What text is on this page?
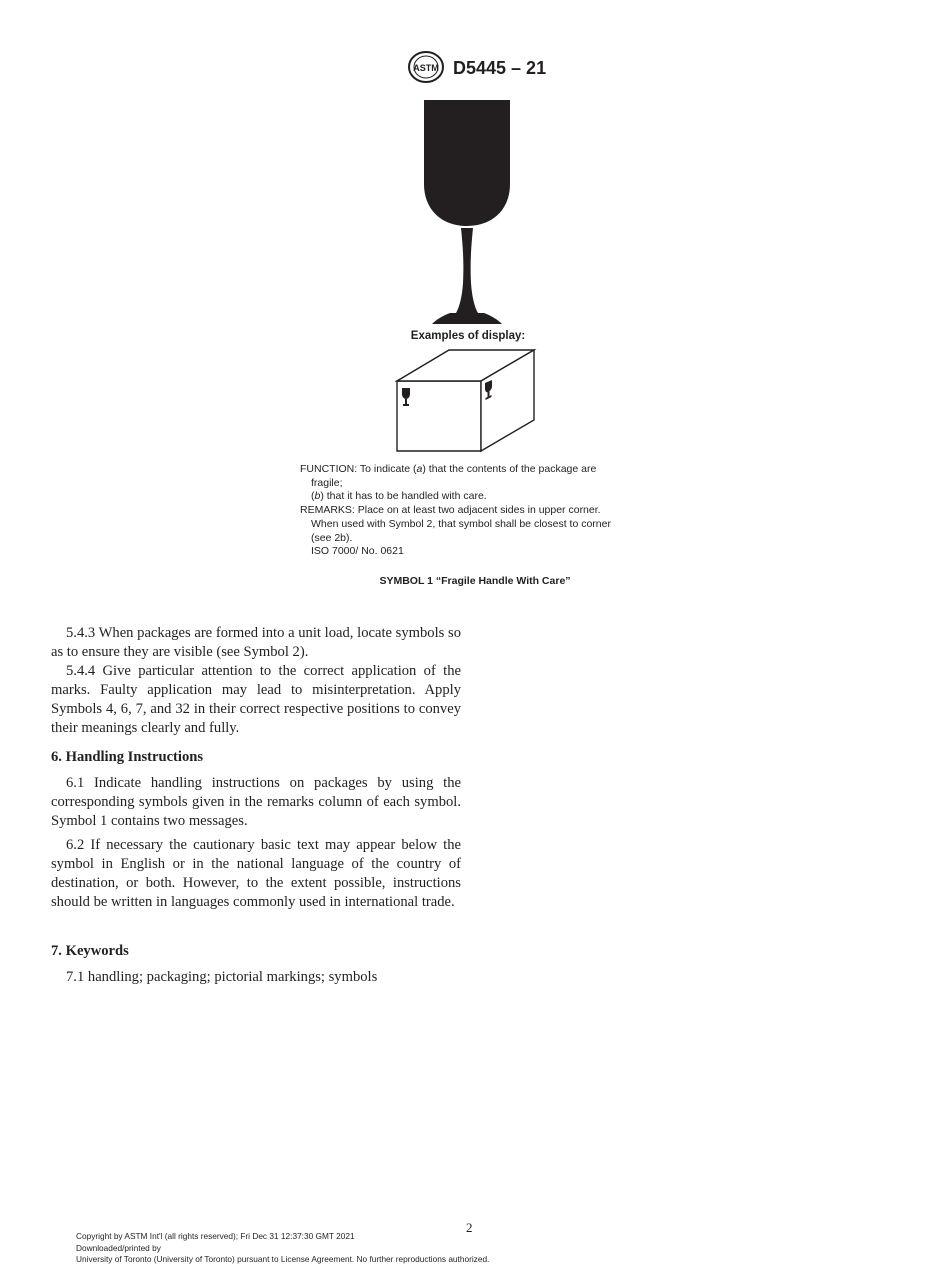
ASTM D5445 – 21
Examples of display:
FUNCTION: To indicate (a) that the contents of the package are
fragile;
(b) that it has to be handled with care.
REMARKS: Place on at least two adjacent sides in upper corner.
When used with Symbol 2, that symbol shall be closest to corner
(see 2b).
ISO 7000/ No. 0621
SYMBOL 1 “Fragile Handle With Care”

5.4.3 When packages are formed into a unit load, locate symbols so as to ensure they are visible (see Symbol 2).

5.4.4 Give particular attention to the correct application of the marks. Faulty application may lead to misinterpretation. Apply Symbols 4, 6, 7, and 32 in their correct respective positions to convey their meanings clearly and fully.

6. Handling Instructions

6.1 Indicate handling instructions on packages by using the corresponding symbols given in the remarks column of each symbol. Symbol 1 contains two messages.

6.2 If necessary the cautionary basic text may appear below the symbol in English or in the national language of the country of destination, or both. However, to the extent possible, instructions should be written in languages commonly used in international trade.

7. Keywords

7.1 handling; packaging; pictorial markings; symbols

2
Copyright by ASTM Int'l (all rights reserved); Fri Dec 31 12:37:30 GMT 2021
Downloaded/printed by
University of Toronto (University of Toronto) pursuant to License Agreement. No further reproductions authorized.
